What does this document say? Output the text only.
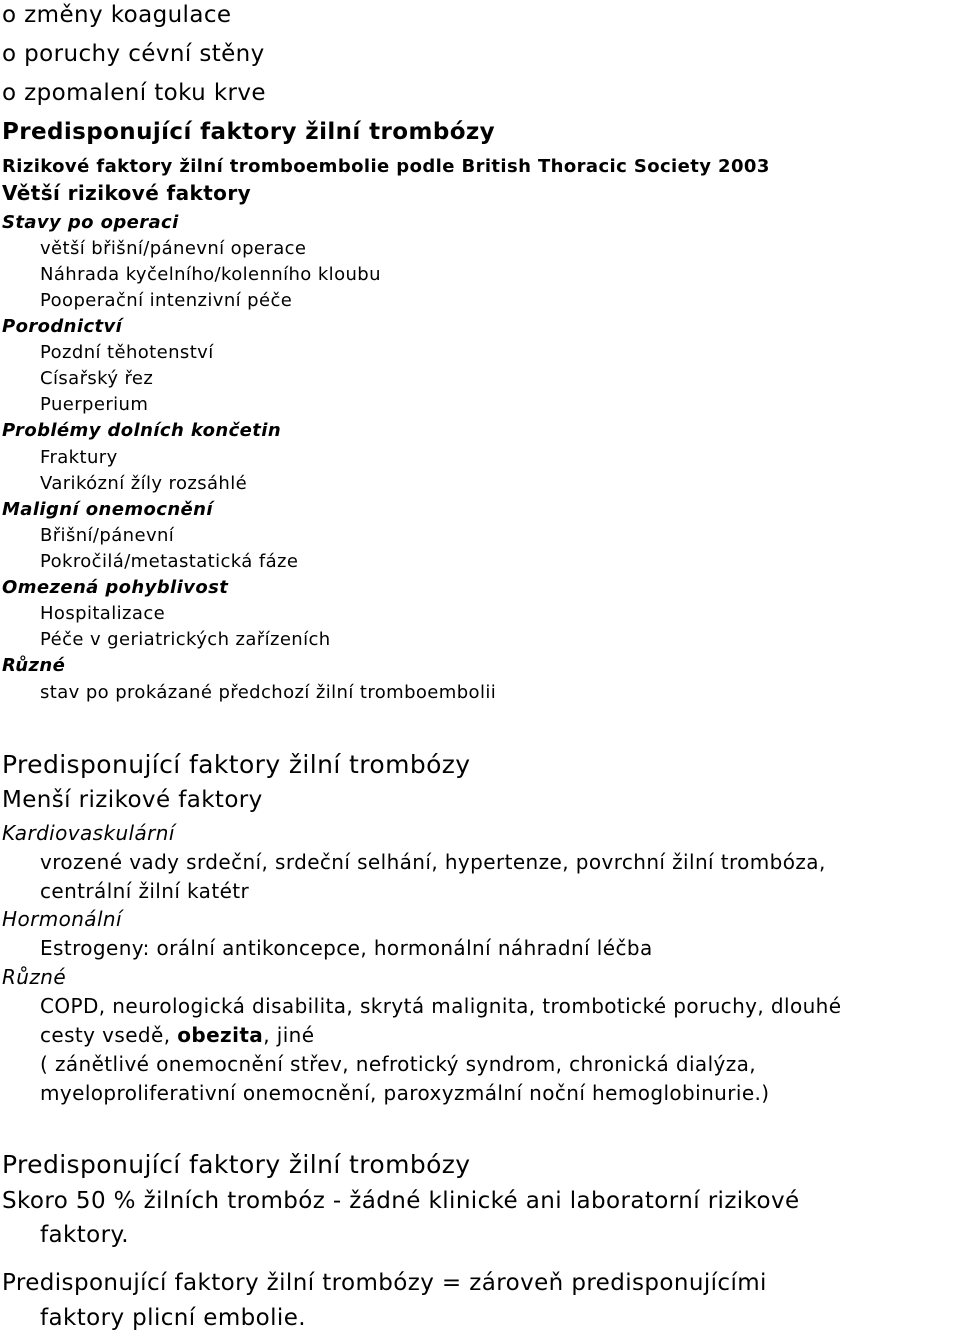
o změny koagulace
o poruchy cévní stěny
o zpomalení toku krve
Predisponující faktory žilní trombózy
Rizikové faktory žilní tromboembolie podle British Thoracic Society 2003
Větší rizikové faktory
Stavy po operaci
větší břišní/pánevní operace
Náhrada kyčelního/kolenního kloubu
Pooperační intenzivní péče
Porodnictví
Pozdní těhotenství
Císařský řez
Puerperium
Problémy dolních končetin
Fraktury
Varikózní žíly rozsáhlé
Maligní onemocnění
Břišní/pánevní
Pokročilá/metastatická fáze
Omezená pohyblivost
Hospitalizace
Péče v geriatrických zařízeních
Různé
stav po prokázané předchozí žilní tromboembolii
Predisponující faktory žilní trombózy
Menší rizikové faktory
Kardiovaskulární
vrozené vady srdeční, srdeční selhání, hypertenze, povrchní žilní trombóza,
centrální žilní katétr
Hormonální
Estrogeny: orální antikoncepce, hormonální náhradní léčba
Různé
COPD, neurologická disabilita, skrytá malignita, trombotické poruchy, dlouhé
cesty vsedě, obezita, jiné
( zánětlivé onemocnění střev, nefrotický syndrom, chronická dialýza,
myeloproliferativní onemocnění, paroxyzmální noční hemoglobinurie.)
Predisponující faktory žilní trombózy
Skoro 50 % žilních trombóz - žádné klinické ani laboratorní rizikové
faktory.
Predisponující faktory žilní trombózy = zároveň predisponujícími
faktory plicní embolie.
